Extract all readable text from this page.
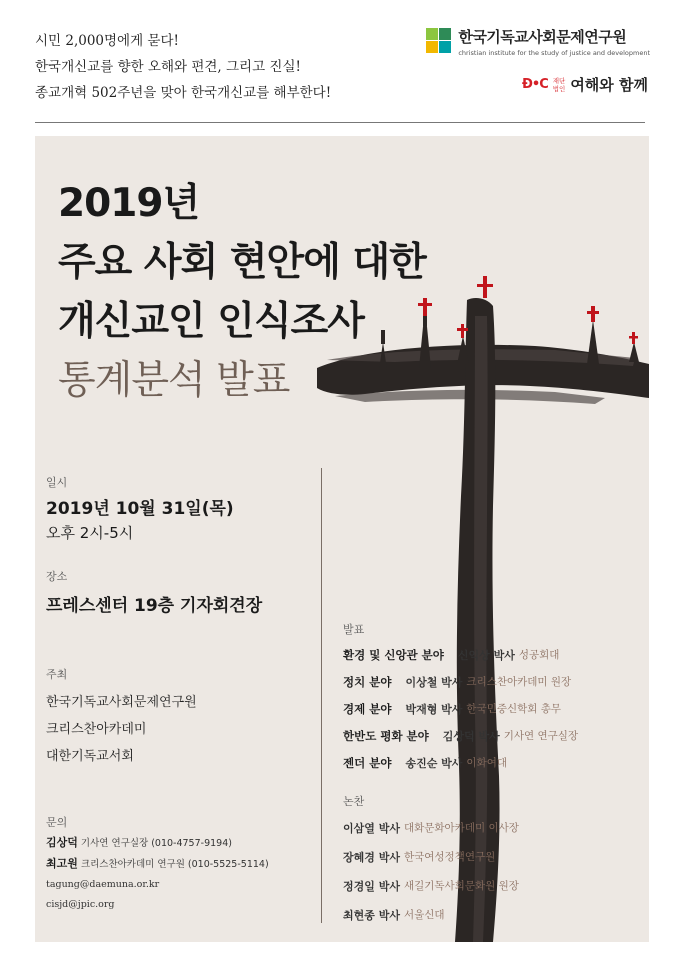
시민 2,000명에게 묻다!

한국개신교를 향한 오해와 편견, 그리고 진실!

종교개혁 502주년을 맞아 한국개신교를 해부한다!

한국기독교사회문제연구원
christian institute for the study of justice and development
Ð•C 재단
법인 여해와 함께
2019년
주요 사회 현안에 대한
개신교인 인식조사
통계분석 발표
일시
2019년 10월 31일(목)
오후 2시-5시
장소
프레스센터 19층 기자회견장
주최
한국기독교사회문제연구원
크리스찬아카데미
대한기독교서회
문의
김상덕 기사연 연구실장 (010-4757-9194)
최고원 크리스찬아카데미 연구원 (010-5525-5114)
tagung@daemuna.or.kr
cisjd@jpic.org
발표
환경 및 신앙관 분야 신익상 박사 성공회대
정치 분야 이상철 박사 크리스찬아카데미 원장
경제 분야 박재형 박사 한국민중신학회 총무
한반도 평화 분야 김상덕 박사 기사연 연구실장
젠더 분야 송진순 박사 이화여대
논찬
이삼열 박사 대화문화아카데미 이사장
장혜경 박사 한국여성정책연구원
정경일 박사 새길기독사회문화원 원장
최현종 박사 서울신대
